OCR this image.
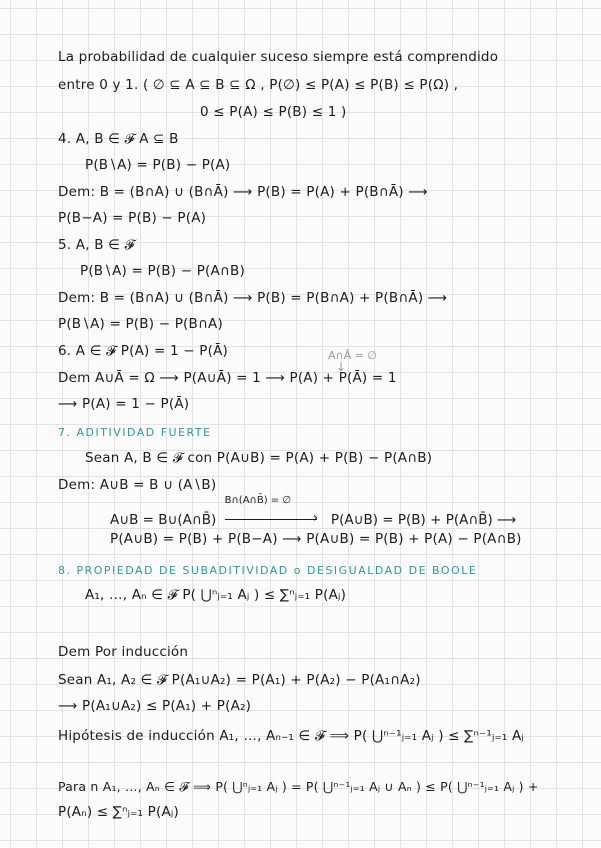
La probabilidad de cualquier suceso siempre está comprendido
entre 0 y 1. ( ∅ ⊆ A ⊆ B ⊆ Ω , P(∅) ≤ P(A) ≤ P(B) ≤ P(Ω) ,
0 ≤ P(A) ≤ P(B) ≤ 1 )
4. A, B ∈ 𝓕 A ⊆ B
P(B∖A) = P(B) − P(A)
Dem: B = (B∩A) ∪ (B∩Ā) ⟶ P(B) = P(A) + P(B∩Ā) ⟶
P(B−A) = P(B) − P(A)
5. A, B ∈ 𝓕
P(B∖A) = P(B) − P(A∩B)
Dem: B = (B∩A) ∪ (B∩Ā) ⟶ P(B) = P(B∩A) + P(B∩Ā) ⟶
P(B∖A) = P(B) − P(B∩A)
6. A ∈ 𝓕 P(A) = 1 − P(Ā)
Dem A∪Ā = Ω ⟶ P(A∪Ā) = 1 ⟶ P(A) + P(Ā) = 1
⟶ P(A) = 1 − P(Ā)
Sean A, B ∈ 𝓕 con P(A∪B) = P(A) + P(B) − P(A∩B)
Dem: A∪B = B ∪ (A∖B)
P(A∪B) = P(B) + P(B−A) ⟶ P(A∪B) = P(B) + P(A) − P(A∩B)
A₁, …, Aₙ ∈ 𝓕 P( ⋃ⁿⱼ₌₁ Aⱼ ) ≤ ∑ⁿⱼ₌₁ P(Aⱼ)
Dem Por inducción
Sean A₁, A₂ ∈ 𝓕 P(A₁∪A₂) = P(A₁) + P(A₂) − P(A₁∩A₂)
⟶ P(A₁∪A₂) ≤ P(A₁) + P(A₂)
Hipótesis de inducción A₁, …, Aₙ₋₁ ∈ 𝓕 ⟹ P( ⋃ⁿ⁻¹ⱼ₌₁ Aⱼ ) ≤ ∑ⁿ⁻¹ⱼ₌₁ Aⱼ
Para n A₁, …, Aₙ ∈ 𝓕 ⟹ P( ⋃ⁿⱼ₌₁ Aⱼ ) = P( ⋃ⁿ⁻¹ⱼ₌₁ Aⱼ ∪ Aₙ ) ≤ P( ⋃ⁿ⁻¹ⱼ₌₁ Aⱼ ) +
P(Aₙ) ≤ ∑ⁿⱼ₌₁ P(Aⱼ)
7. ADITIVIDAD FUERTE
8. PROPIEDAD DE SUBADITIVIDAD o DESIGUALDAD DE BOOLE
A∩Ā = ∅
↓
A∪B = B∪(A∩B̄)
B∩(A∩B̄) = ∅
› P(A∪B) = P(B) + P(A∩B̄) ⟶
